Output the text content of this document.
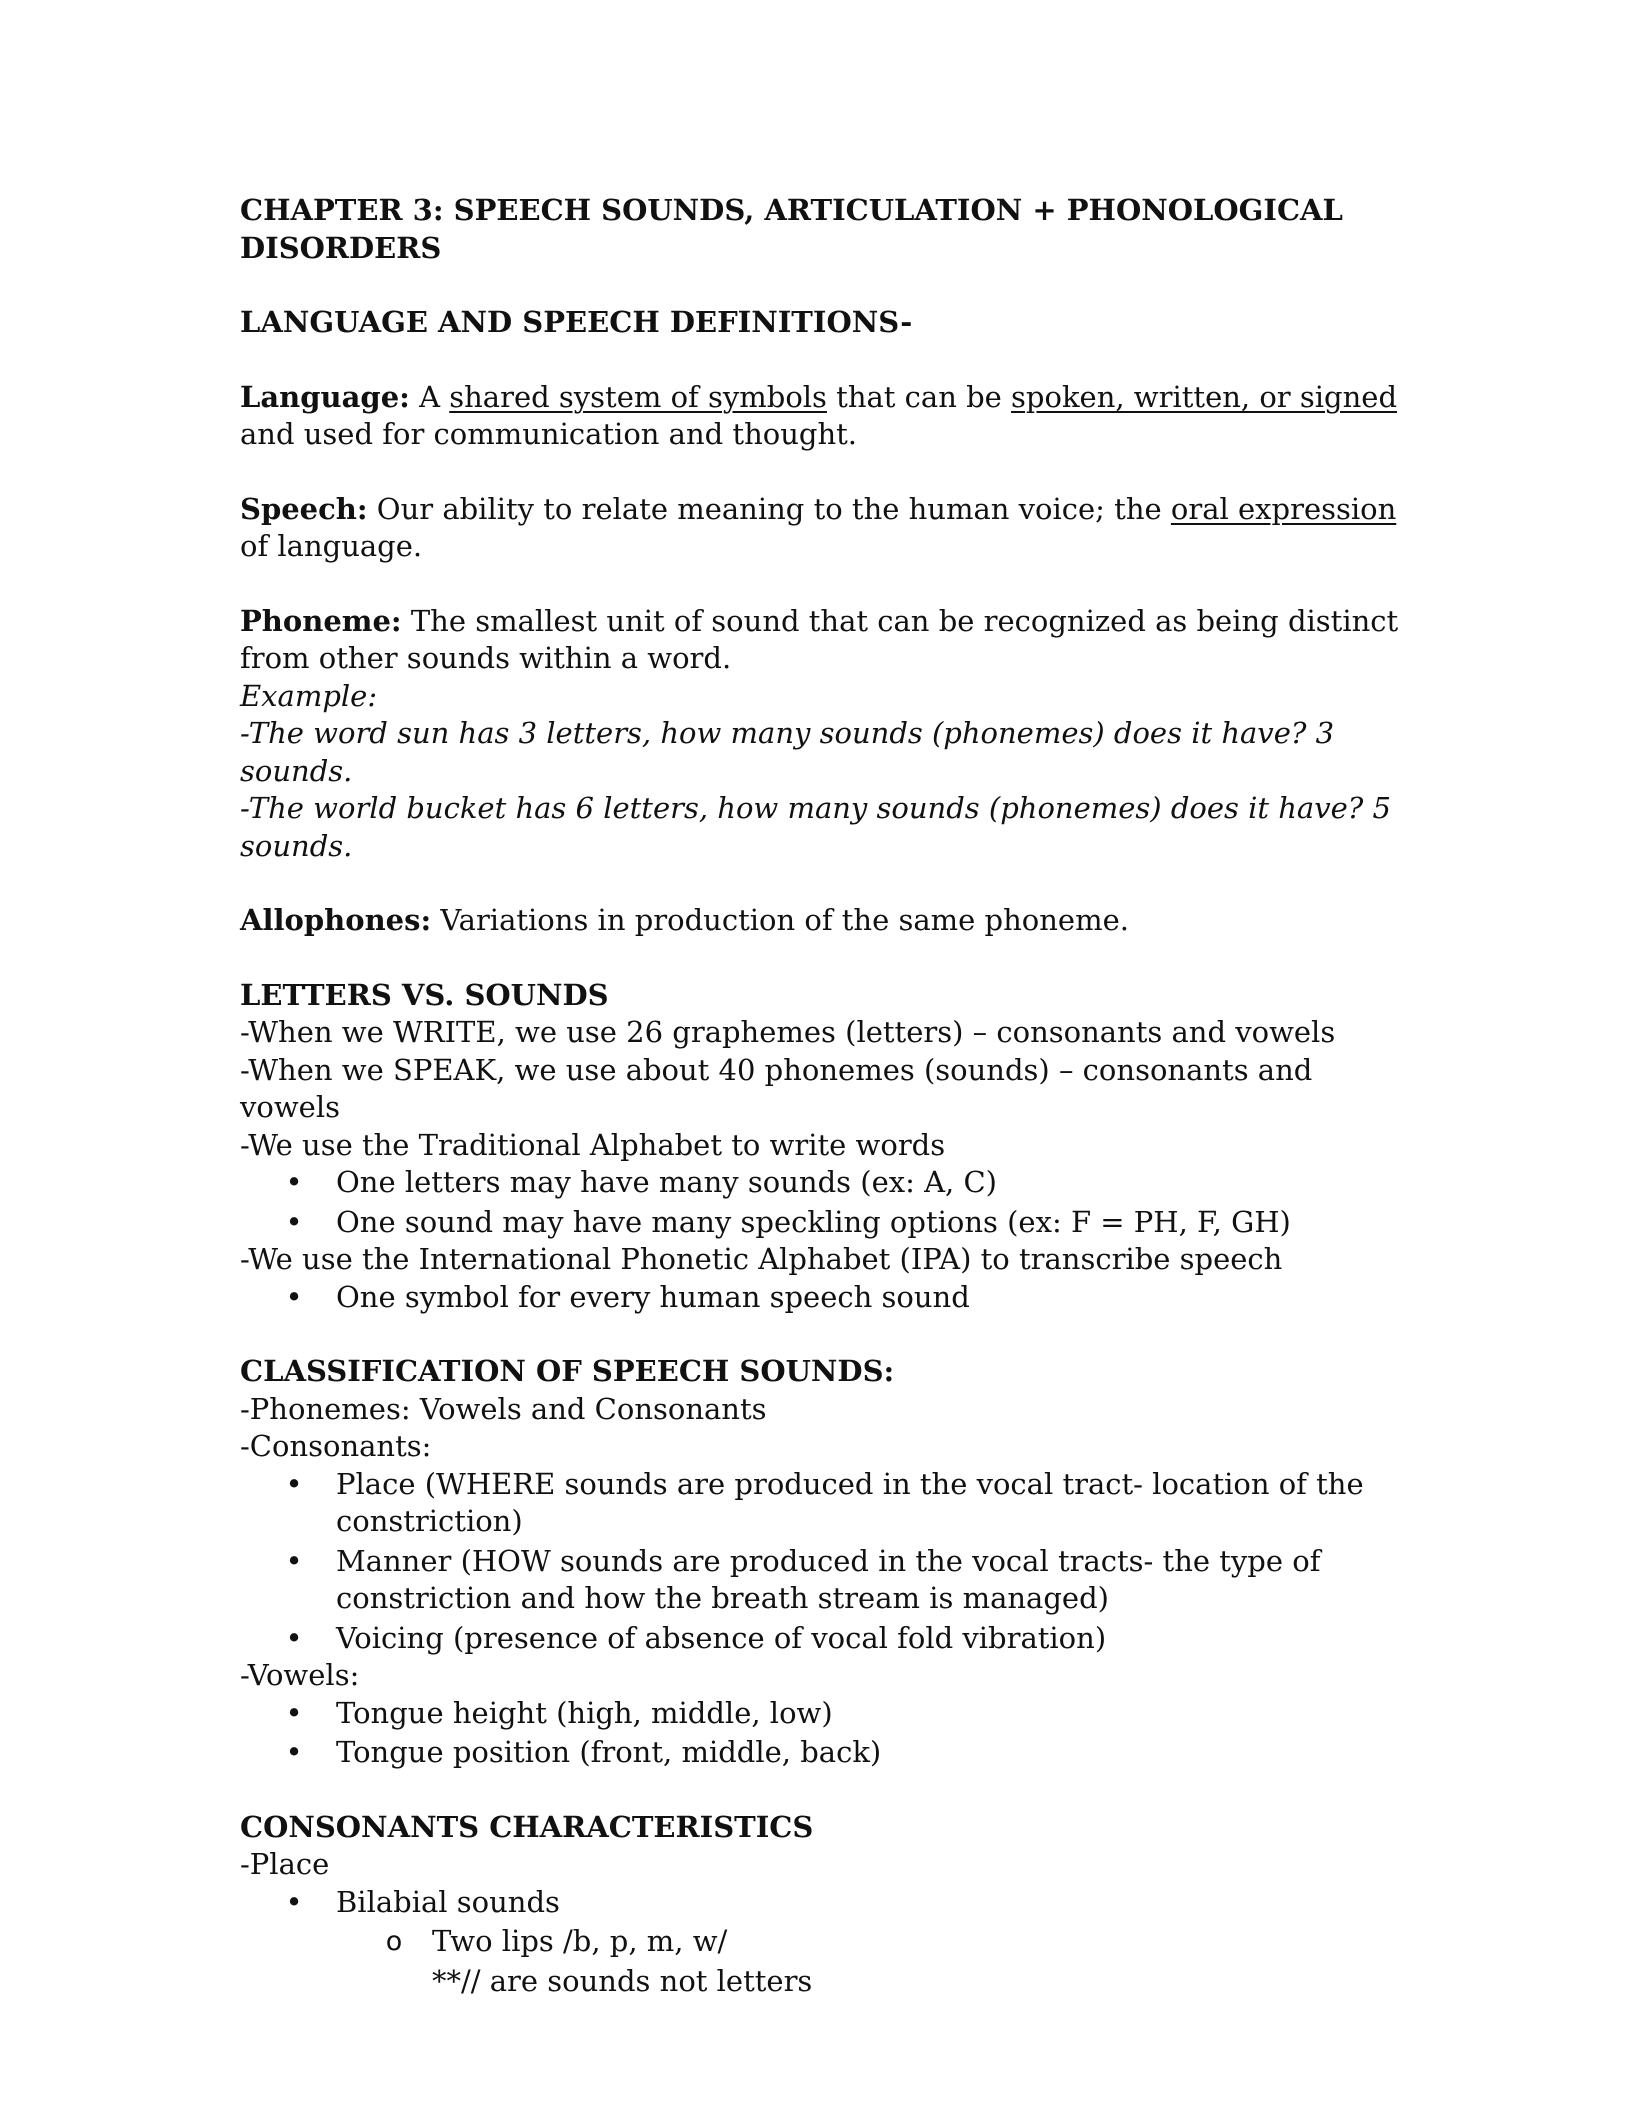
CHAPTER 3: SPEECH SOUNDS, ARTICULATION + PHONOLOGICAL DISORDERS

LANGUAGE AND SPEECH DEFINITIONS-

Language: A shared system of symbols that can be spoken, written, or signed and used for communication and thought.

Speech: Our ability to relate meaning to the human voice; the oral expression of language.

Phoneme: The smallest unit of sound that can be recognized as being distinct from other sounds within a word.

Example:

-The word sun has 3 letters, how many sounds (phonemes) does it have? 3 sounds.

-The world bucket has 6 letters, how many sounds (phonemes) does it have? 5 sounds.

Allophones: Variations in production of the same phoneme.

LETTERS VS. SOUNDS

-When we WRITE, we use 26 graphemes (letters) – consonants and vowels

-When we SPEAK, we use about 40 phonemes (sounds) – consonants and vowels

-We use the Traditional Alphabet to write words

• One letters may have many sounds (ex: A, C)
• One sound may have many speckling options (ex: F = PH, F, GH)

-We use the International Phonetic Alphabet (IPA) to transcribe speech

• One symbol for every human speech sound

CLASSIFICATION OF SPEECH SOUNDS:

-Phonemes: Vowels and Consonants

-Consonants:

• Place (WHERE sounds are produced in the vocal tract- location of the constriction)
• Manner (HOW sounds are produced in the vocal tracts- the type of constriction and how the breath stream is managed)
• Voicing (presence of absence of vocal fold vibration)

-Vowels:

• Tongue height (high, middle, low)
• Tongue position (front, middle, back)

CONSONANTS CHARACTERISTICS

-Place

• Bilabial sounds
o Two lips /b, p, m, w/
**// are sounds not letters
